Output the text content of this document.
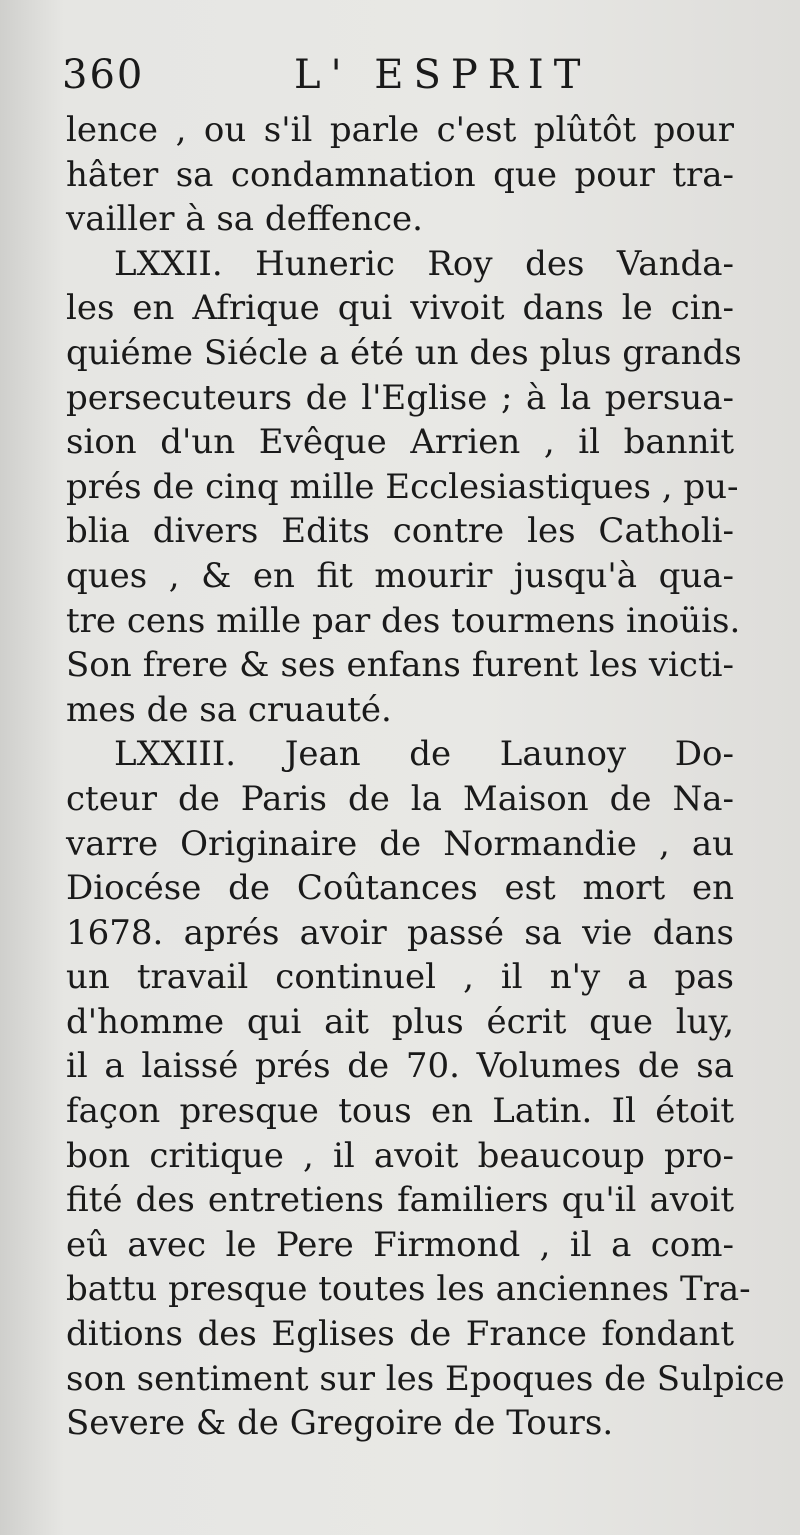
360	L' ESPRIT
lence , ou s'il parle c'est plûtôt pour
hâter sa condamnation que pour tra-
vailler à sa deffence.
LXXII. Huneric Roy des Vanda-
les en Afrique qui vivoit dans le cin-
quiéme Siécle a été un des plus grands
persecuteurs de l'Eglise ; à la persua-
sion d'un Evêque Arrien , il bannit
prés de cinq mille Ecclesiastiques , pu-
blia divers Edits contre les Catholi-
ques , & en fit mourir jusqu'à qua-
tre cens mille par des tourmens inoüis.
Son frere & ses enfans furent les victi-
mes de sa cruauté.
LXXIII. Jean de Launoy Do-
cteur de Paris de la Maison de Na-
varre Originaire de Normandie , au
Diocése de Coûtances est mort en
1678. aprés avoir passé sa vie dans
un travail continuel , il n'y a pas
d'homme qui ait plus écrit que luy,
il a laissé prés de 70. Volumes de sa
façon presque tous en Latin. Il étoit
bon critique , il avoit beaucoup pro-
fité des entretiens familiers qu'il avoit
eû avec le Pere Firmond , il a com-
battu presque toutes les anciennes Tra-
ditions des Eglises de France fondant
son sentiment sur les Epoques de Sulpice
Severe & de Gregoire de Tours.
